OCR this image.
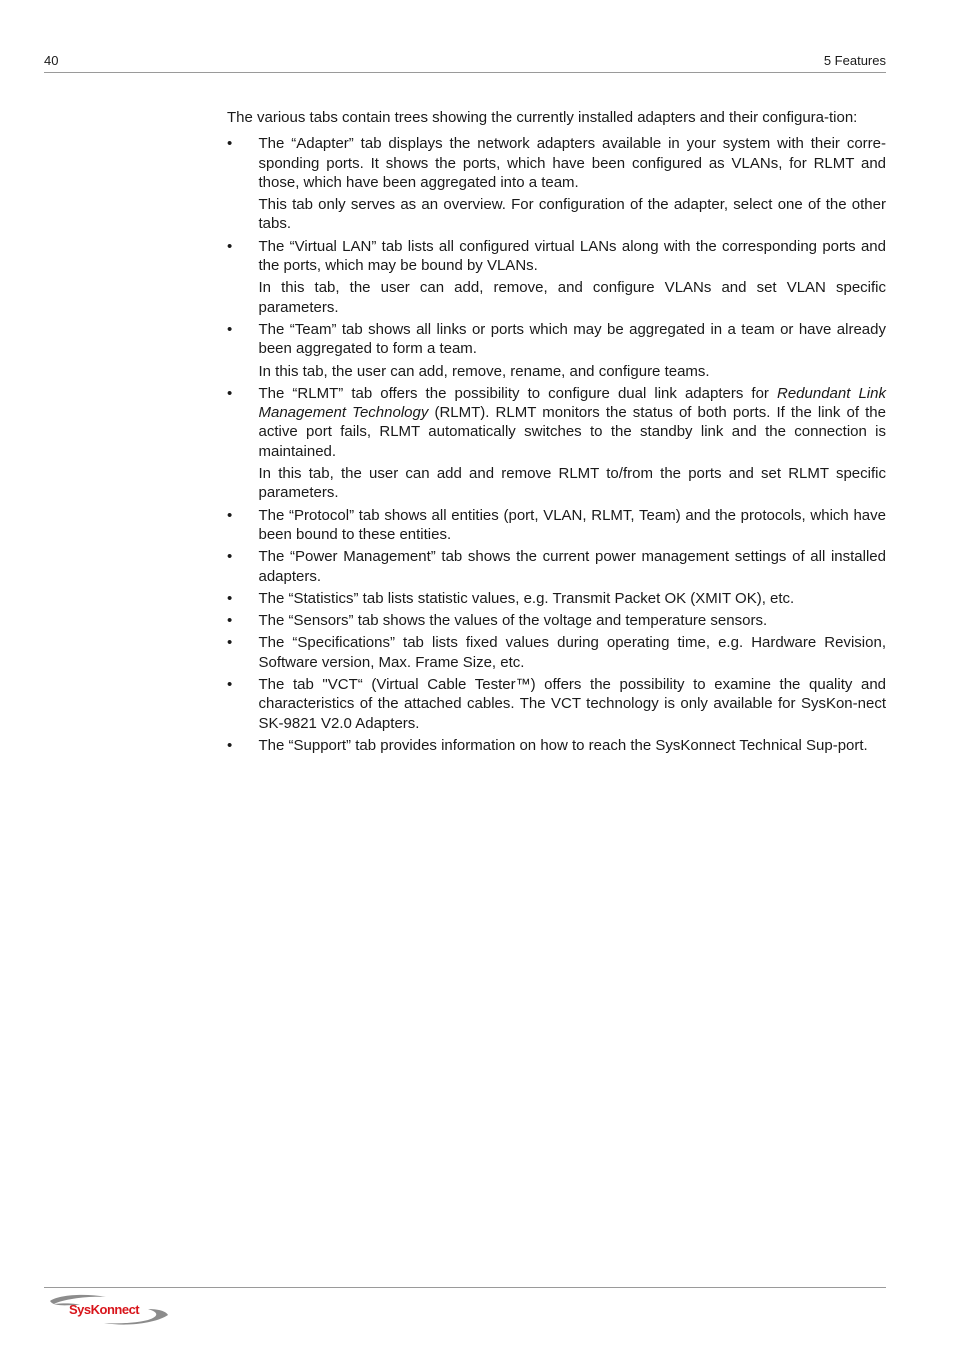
40	5 Features

The various tabs contain trees showing the currently installed adapters and their configura-tion:

• The “Adapter” tab displays the network adapters available in your system with their corre-sponding ports. It shows the ports, which have been configured as VLANs, for RLMT and those, which have been aggregated into a team.

This tab only serves as an overview. For configuration of the adapter, select one of the other tabs.

• The “Virtual LAN” tab lists all configured virtual LANs along with the corresponding ports and the ports, which may be bound by VLANs.

In this tab, the user can add, remove, and configure VLANs and set VLAN specific parameters.

• The “Team” tab shows all links or ports which may be aggregated in a team or have already been aggregated to form a team.

In this tab, the user can add, remove, rename, and configure teams.

• The “RLMT” tab offers the possibility to configure dual link adapters for Redundant Link Management Technology (RLMT). RLMT monitors the status of both ports. If the link of the active port fails, RLMT automatically switches to the standby link and the connection is maintained.

In this tab, the user can add and remove RLMT to/from the ports and set RLMT specific parameters.

• The “Protocol” tab shows all entities (port, VLAN, RLMT, Team) and the protocols, which have been bound to these entities.

• The “Power Management” tab shows the current power management settings of all installed adapters.

• The “Statistics” tab lists statistic values, e.g. Transmit Packet OK (XMIT OK), etc.

• The “Sensors” tab shows the values of the voltage and temperature sensors.

• The “Specifications” tab lists fixed values during operating time, e.g. Hardware Revision, Software version, Max. Frame Size, etc.

• The tab "VCT“ (Virtual Cable Tester™) offers the possibility to examine the quality and characteristics of the attached cables. The VCT technology is only available for SysKon-nect SK-9821 V2.0 Adapters.

• The “Support” tab provides information on how to reach the SysKonnect Technical Sup-port.

SysKonnect
